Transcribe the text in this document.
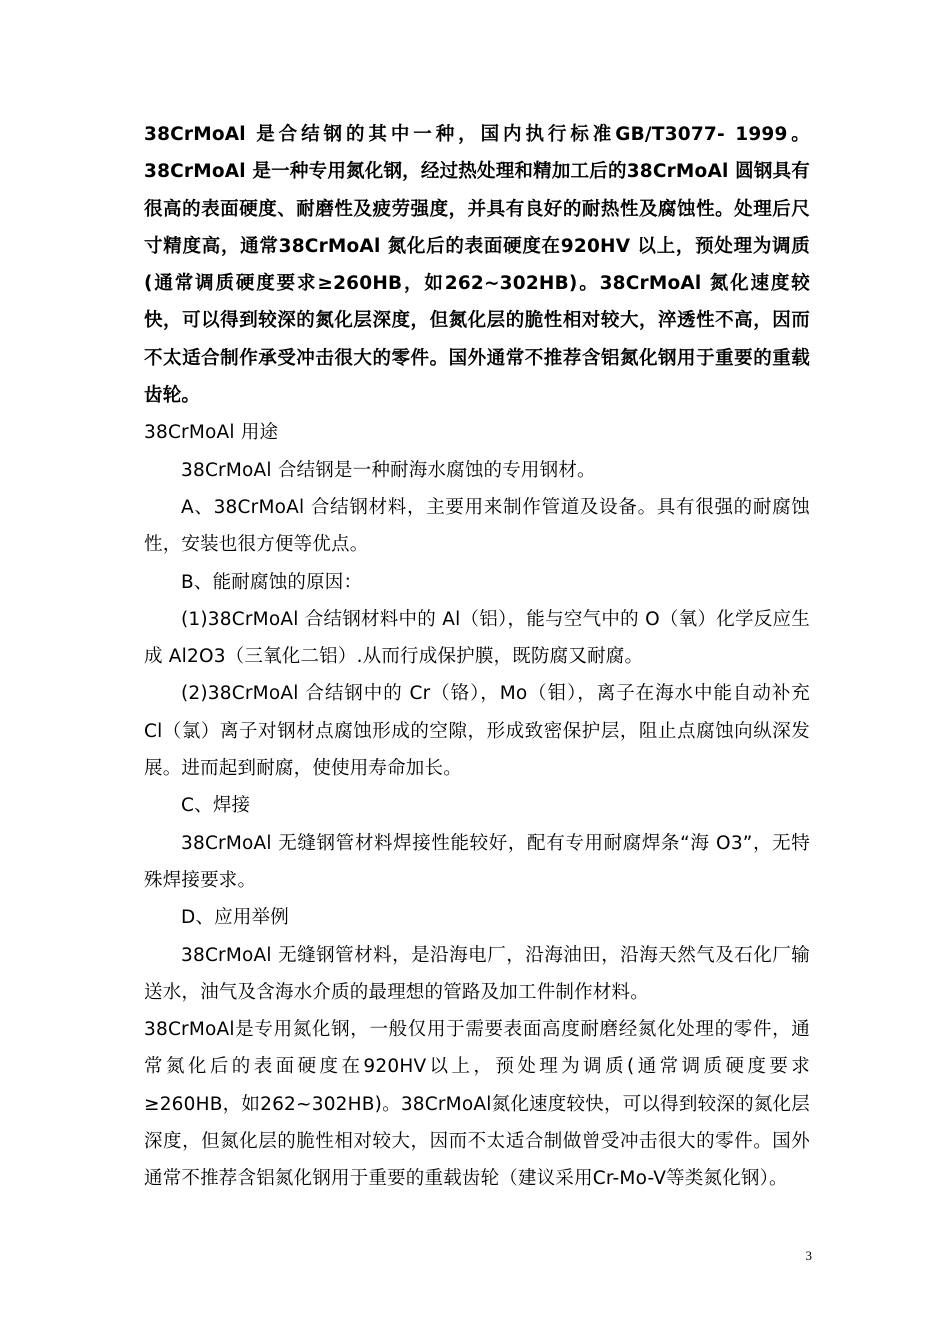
38CrMoAl 是合结钢的其中一种，国内执行标准GB/T3077- 1999。38CrMoAl 是一种专用氮化钢，经过热处理和精加工后的38CrMoAl 圆钢具有很高的表面硬度、耐磨性及疲劳强度，并具有良好的耐热性及腐蚀性。处理后尺寸精度高，通常38CrMoAl 氮化后的表面硬度在920HV 以上，预处理为调质(通常调质硬度要求≥260HB，如262~302HB)。38CrMoAl 氮化速度较快，可以得到较深的氮化层深度，但氮化层的脆性相对较大，淬透性不高，因而不太适合制作承受冲击很大的零件。国外通常不推荐含铝氮化钢用于重要的重载齿轮。

38CrMoAl 用途

38CrMoAl 合结钢是一种耐海水腐蚀的专用钢材。

A、38CrMoAl 合结钢材料，主要用来制作管道及设备。具有很强的耐腐蚀性，安装也很方便等优点。

B、能耐腐蚀的原因：

(1)38CrMoAl 合结钢材料中的 Al（铝），能与空气中的 O（氧）化学反应生成 Al2O3（三氧化二铝）.从而行成保护膜，既防腐又耐腐。

(2)38CrMoAl 合结钢中的 Cr（铬），Mo（钼），离子在海水中能自动补充 Cl（氯）离子对钢材点腐蚀形成的空隙，形成致密保护层，阻止点腐蚀向纵深发展。进而起到耐腐，使使用寿命加长。

C、焊接

38CrMoAl 无缝钢管材料焊接性能较好，配有专用耐腐焊条“海 O3”，无特殊焊接要求。

D、应用举例

38CrMoAl 无缝钢管材料，是沿海电厂，沿海油田，沿海天然气及石化厂输送水，油气及含海水介质的最理想的管路及加工件制作材料。

38CrMoAl是专用氮化钢，一般仅用于需要表面高度耐磨经氮化处理的零件，通常氮化后的表面硬度在920HV以上，预处理为调质(通常调质硬度要求≥260HB，如262~302HB)。38CrMoAl氮化速度较快，可以得到较深的氮化层深度，但氮化层的脆性相对较大，因而不太适合制做曾受冲击很大的零件。国外通常不推荐含铝氮化钢用于重要的重载齿轮（建议采用Cr-Mo-V等类氮化钢）。

3
